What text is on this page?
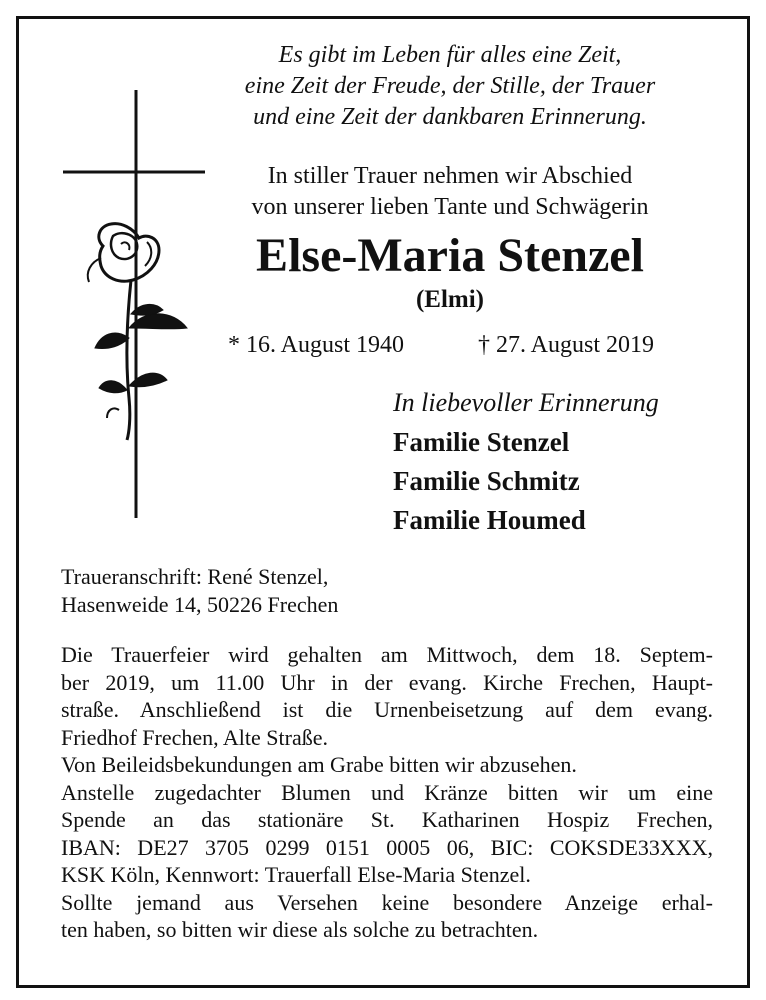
Es gibt im Leben für alles eine Zeit,
eine Zeit der Freude, der Stille, der Trauer
und eine Zeit der dankbaren Erinnerung.
In stiller Trauer nehmen wir Abschied
von unserer lieben Tante und Schwägerin
Else-Maria Stenzel
(Elmi)
* 16. August 1940	† 27. August 2019
In liebevoller Erinnerung
Familie Stenzel
Familie Schmitz
Familie Houmed
Traueranschrift: René Stenzel,
Hasenweide 14, 50226 Frechen
Die Trauerfeier wird gehalten am Mittwoch, dem 18. Septem-
ber 2019, um 11.00 Uhr in der evang. Kirche Frechen, Haupt-
straße. Anschließend ist die Urnenbeisetzung auf dem evang.
Friedhof Frechen, Alte Straße.
Von Beileidsbekundungen am Grabe bitten wir abzusehen.
Anstelle zugedachter Blumen und Kränze bitten wir um eine
Spende an das stationäre St. Katharinen Hospiz Frechen,
IBAN: DE27 3705 0299 0151 0005 06, BIC: COKSDE33XXX,
KSK Köln, Kennwort: Trauerfall Else-Maria Stenzel.
Sollte jemand aus Versehen keine besondere Anzeige erhal-
ten haben, so bitten wir diese als solche zu betrachten.
